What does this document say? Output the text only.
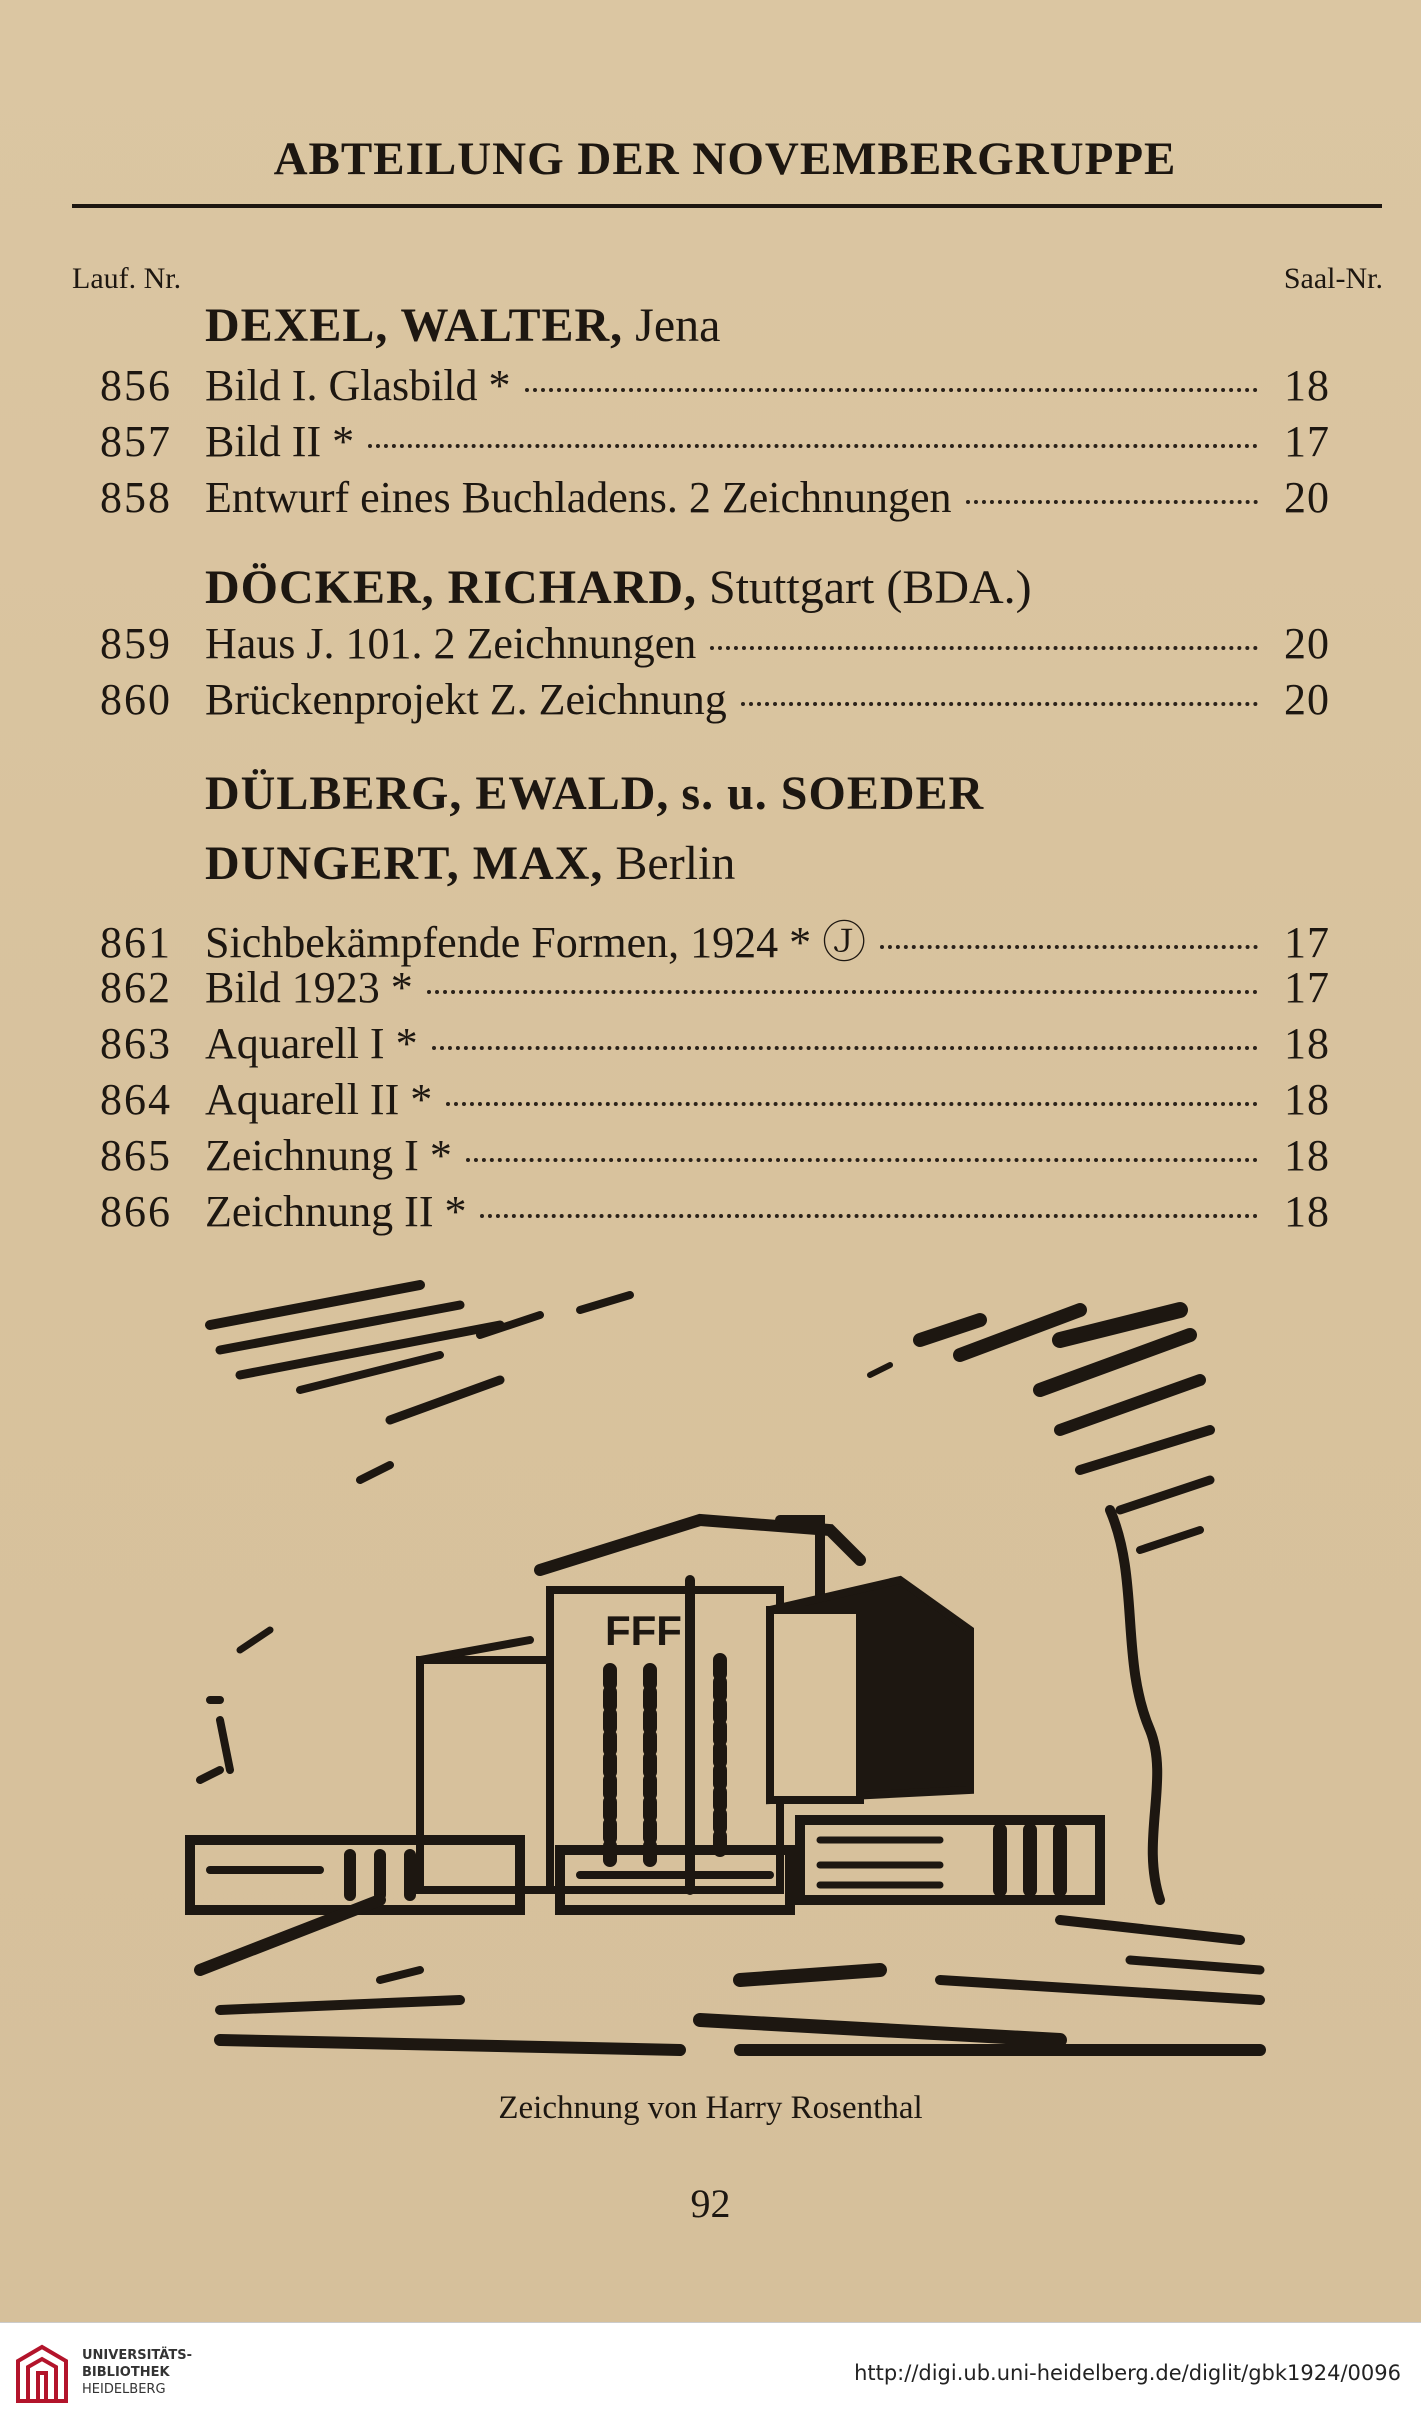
ABTEILUNG DER NOVEMBERGRUPPE
Lauf. Nr.	Saal-Nr.
DEXEL, WALTER, Jena
856 Bild I. Glasbild *	18
857 Bild II *	17
858 Entwurf eines Buchladens. 2 Zeichnungen	20
DÖCKER, RICHARD, Stuttgart (BDA.)
859 Haus J. 101. 2 Zeichnungen	20
860 Brückenprojekt Z. Zeichnung	20
DÜLBERG, EWALD, s. u. SOEDER
DUNGERT, MAX, Berlin
861 Sichbekämpfende Formen, 1924 * Ⓙ	17
862 Bild 1923 *	17
863 Aquarell I *	18
864 Aquarell II *	18
865 Zeichnung I *	18
866 Zeichnung II *	18
FFF
Zeichnung von Harry Rosenthal
92
UNIVERSITÄTS-
BIBLIOTHEK
HEIDELBERG
http://digi.ub.uni-heidelberg.de/diglit/gbk1924/0096
